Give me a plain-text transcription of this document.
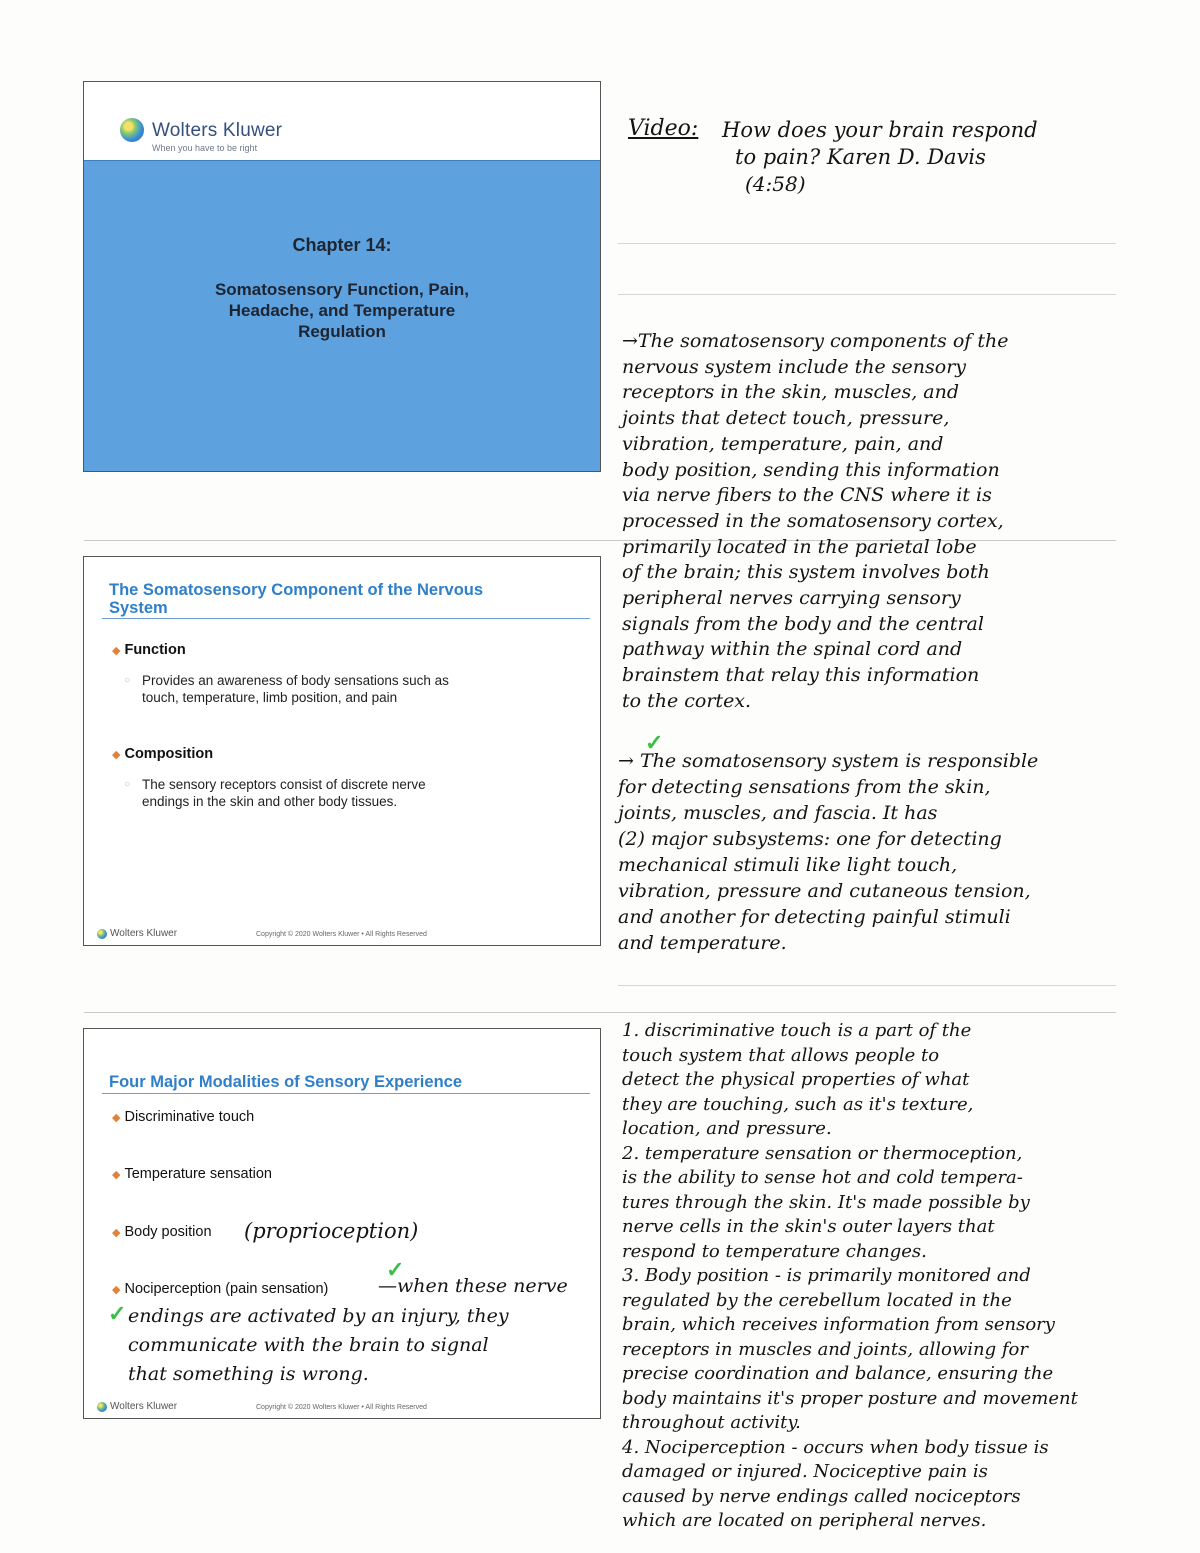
Wolters Kluwer
When you have to be right
Chapter 14:
Somatosensory Function, Pain,
Headache, and Temperature
Regulation
The Somatosensory Component of the Nervous
System
◆ Function
○ Provides an awareness of body sensations such as
touch, temperature, limb position, and pain
◆ Composition
○ The sensory receptors consist of discrete nerve
endings in the skin and other body tissues.
Wolters Kluwer	Copyright © 2020 Wolters Kluwer • All Rights Reserved
Four Major Modalities of Sensory Experience
◆ Discriminative touch
◆ Temperature sensation
◆ Body position (proprioception)
◆ Nociperception (pain sensation)
✓
—when these nerve
✓ endings are activated by an injury, they
communicate with the brain to signal
that something is wrong.
Wolters Kluwer	Copyright © 2020 Wolters Kluwer • All Rights Reserved
Video: How does your brain respond
to pain? Karen D. Davis
(4:58)
→The somatosensory components of the
nervous system include the sensory
receptors in the skin, muscles, and
joints that detect touch, pressure,
vibration, temperature, pain, and
body position, sending this information
via nerve fibers to the CNS where it is
processed in the somatosensory cortex,
primarily located in the parietal lobe
of the brain; this system involves both
peripheral nerves carrying sensory
signals from the body and the central
pathway within the spinal cord and
brainstem that relay this information
to the cortex.
✓
→ The somatosensory system is responsible
for detecting sensations from the skin,
joints, muscles, and fascia. It has
(2) major subsystems: one for detecting
mechanical stimuli like light touch,
vibration, pressure and cutaneous tension,
and another for detecting painful stimuli
and temperature.
1. discriminative touch is a part of the
touch system that allows people to
detect the physical properties of what
they are touching, such as it's texture,
location, and pressure.
2. temperature sensation or thermoception,
is the ability to sense hot and cold tempera-
tures through the skin. It's made possible by
nerve cells in the skin's outer layers that
respond to temperature changes.
3. Body position - is primarily monitored and
regulated by the cerebellum located in the
brain, which receives information from sensory
receptors in muscles and joints, allowing for
precise coordination and balance, ensuring the
body maintains it's proper posture and movement
throughout activity.
4. Nociperception - occurs when body tissue is
damaged or injured. Nociceptive pain is
caused by nerve endings called nociceptors
which are located on peripheral nerves.
